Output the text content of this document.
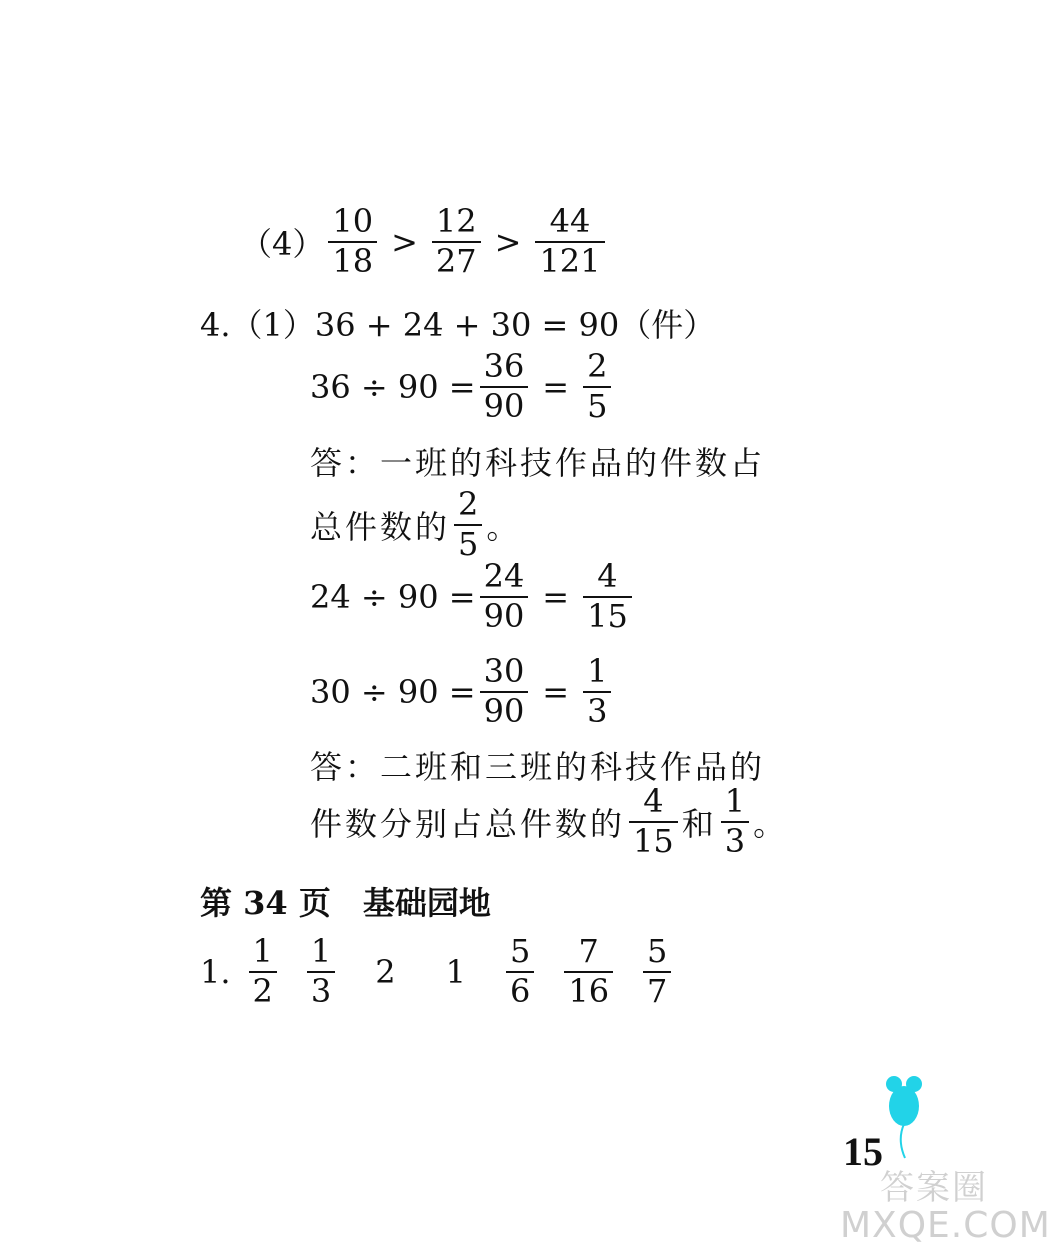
$(4) \frac{10}{18} > \frac{12}{27} > \frac{44}{121}$
4.（1） 36 + 24 + 30 = 90（件）
$36 \div 90 = \frac{36}{90} = \frac{2}{5}$
答：一班的科技作品的件数占
总件数的 $\frac{2}{5}$ 。
$24 \div 90 = \frac{24}{90} = \frac{4}{15}$
$30 \div 90 = \frac{30}{90} = \frac{1}{3}$
答：二班和三班的科技作品的
件数分别占总件数的 $\frac{4}{15}$ 和 $\frac{1}{3}$ 。
第 34 页　基础园地
1. $\frac{1}{2} \frac{1}{3} 2$ $1 \frac{5}{6} \frac{7}{16} \frac{5}{7}$
15
答案圈
MXQE.COM
